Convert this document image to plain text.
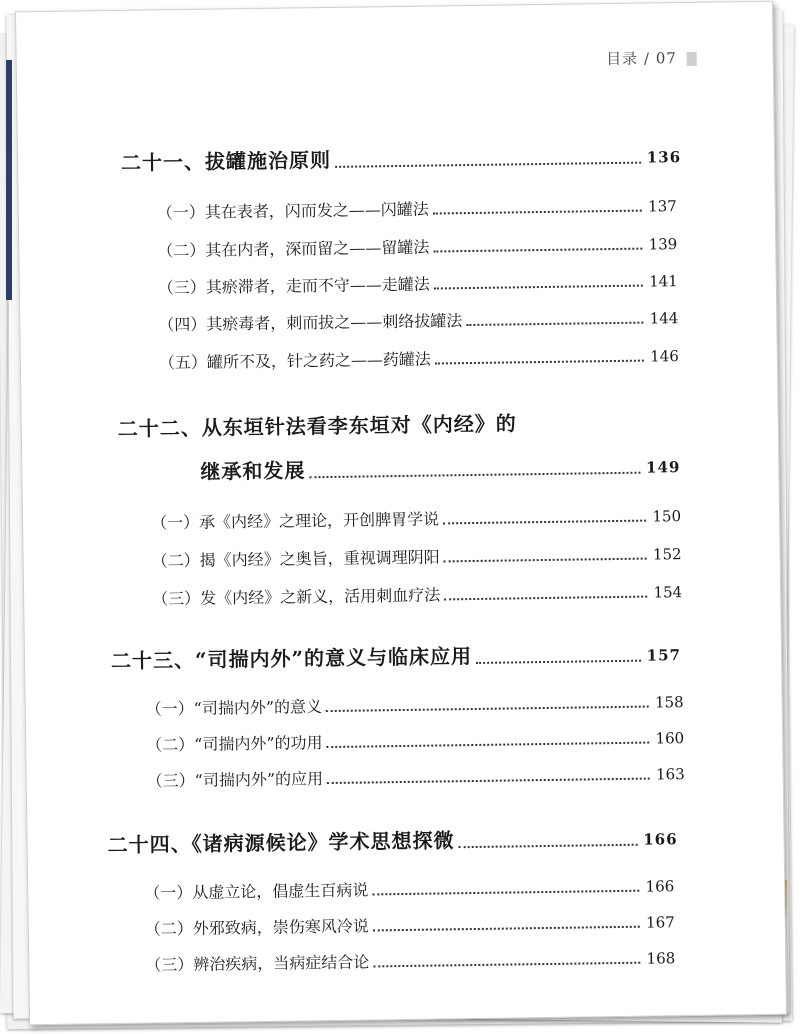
目录 / 07
二十一、拔罐施治原则	136
（一）其在表者，闪而发之——闪罐法	137
（二）其在内者，深而留之——留罐法	139
（三）其瘀滞者，走而不守——走罐法	141
（四）其瘀毒者，刺而拔之——刺络拔罐法	144
（五）罐所不及，针之药之——药罐法	146
二十二、从东垣针法看李东垣对《内经》的
继承和发展	149
（一）承《内经》之理论，开创脾胃学说	150
（二）揭《内经》之奥旨，重视调理阴阳	152
（三）发《内经》之新义，活用刺血疗法	154
二十三、“司揣内外”的意义与临床应用	157
（一）“司揣内外”的意义	158
（二）“司揣内外”的功用	160
（三）“司揣内外”的应用	163
二十四、《诸病源候论》学术思想探微	166
（一）从虚立论，倡虚生百病说	166
（二）外邪致病，崇伤寒风冷说	167
（三）辨治疾病，当病症结合论	168
